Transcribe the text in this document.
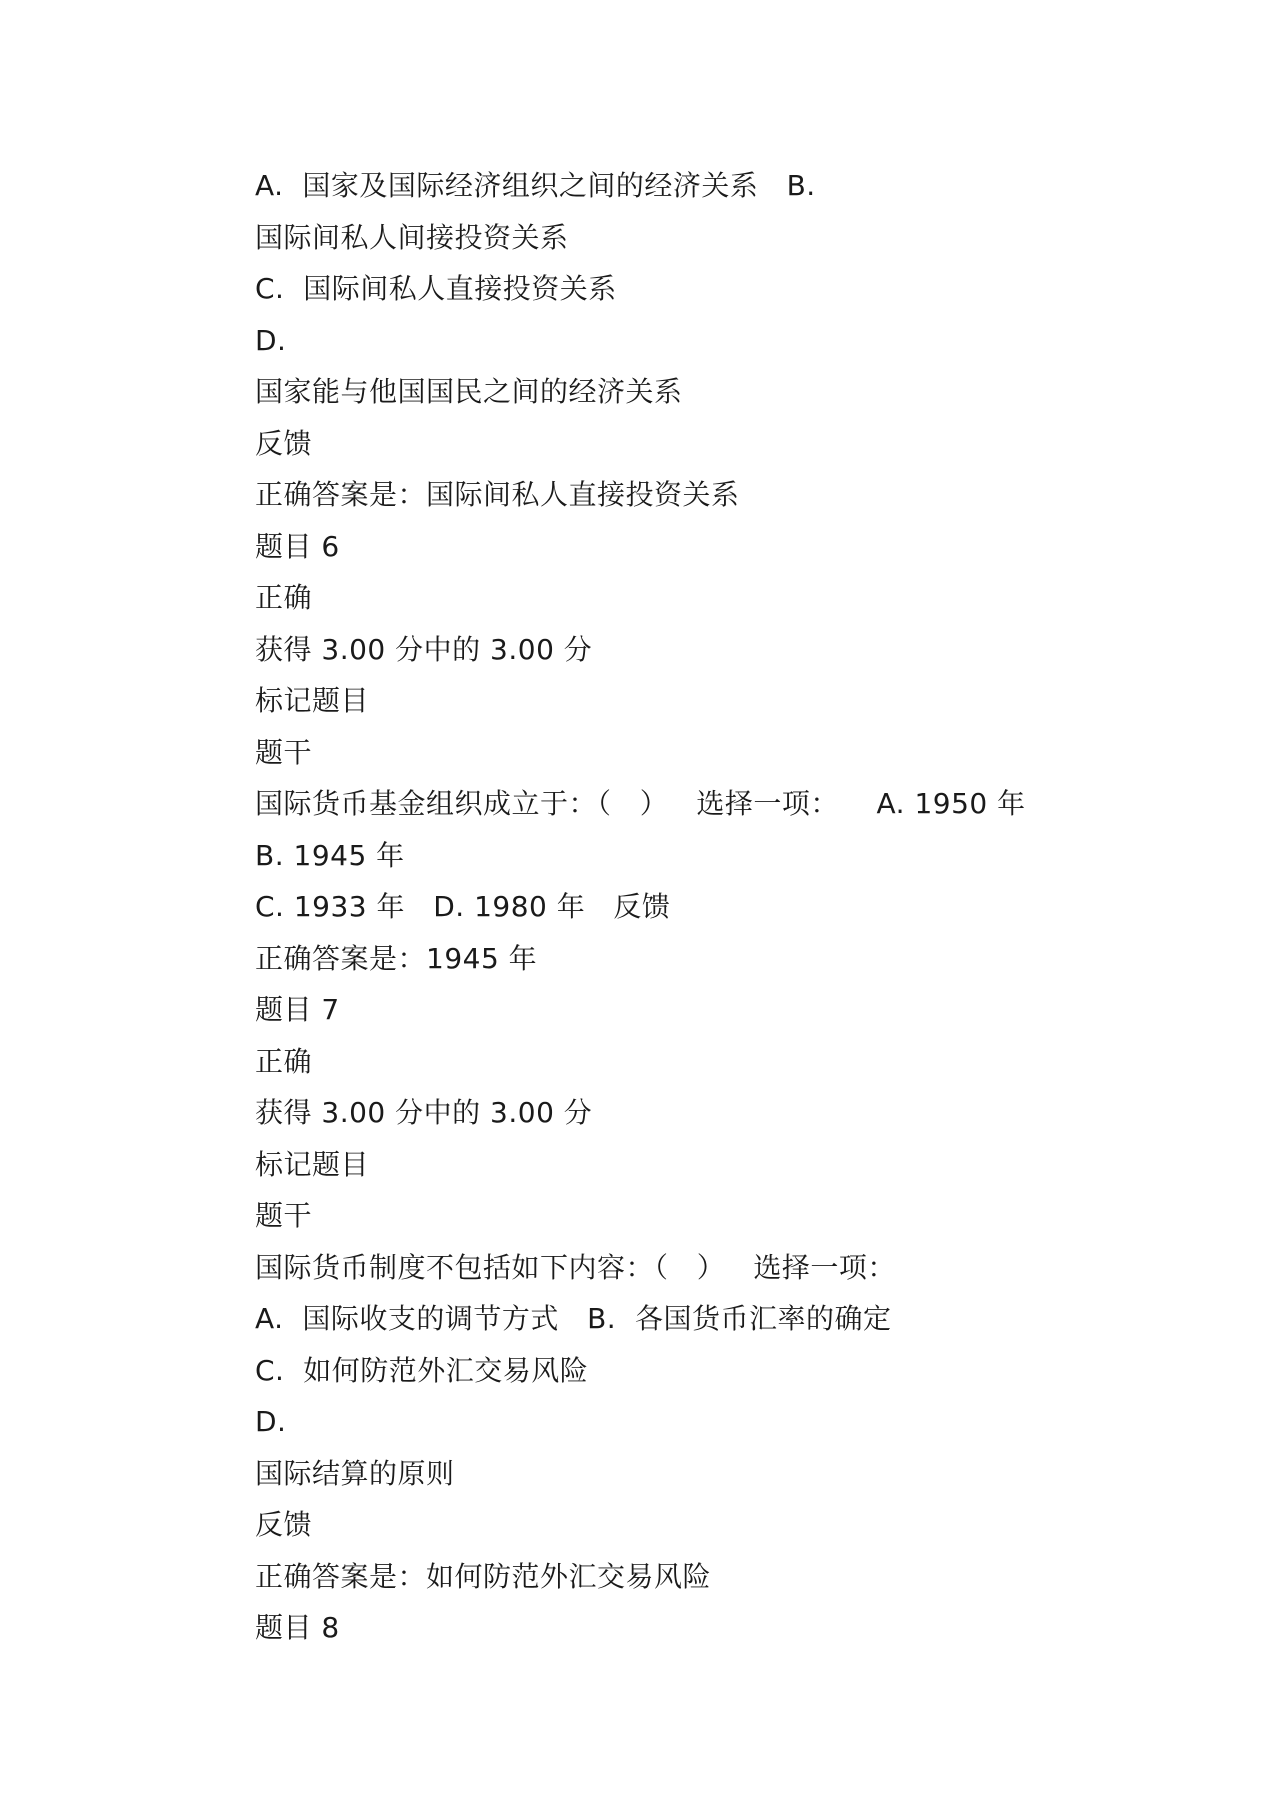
A.  国家及国际经济组织之间的经济关系   B.
国际间私人间接投资关系
C.  国际间私人直接投资关系
D.
国家能与他国国民之间的经济关系
反馈
正确答案是：国际间私人直接投资关系
题目 6
正确
获得 3.00 分中的 3.00 分
标记题目
题干
国际货币基金组织成立于：（   ）   选择一项：    A. 1950 年
B. 1945 年
C. 1933 年   D. 1980 年   反馈
正确答案是：1945 年
题目 7
正确
获得 3.00 分中的 3.00 分
标记题目
题干
国际货币制度不包括如下内容：（   ）   选择一项：
A.  国际收支的调节方式   B.  各国货币汇率的确定
C.  如何防范外汇交易风险
D.
国际结算的原则
反馈
正确答案是：如何防范外汇交易风险
题目 8
